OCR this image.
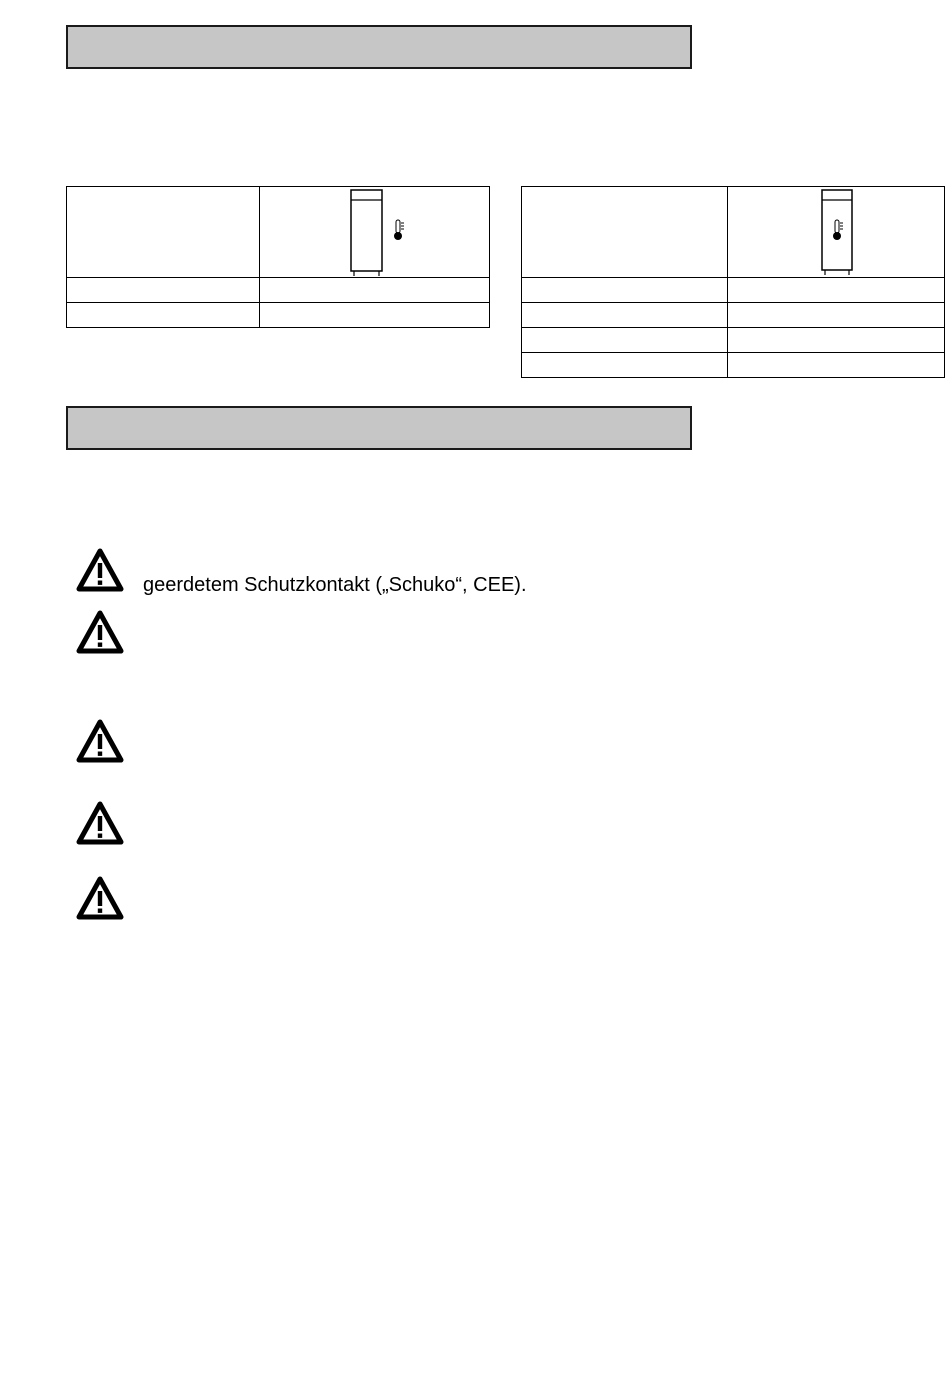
geerdetem Schutzkontakt („Schuko“, CEE).
